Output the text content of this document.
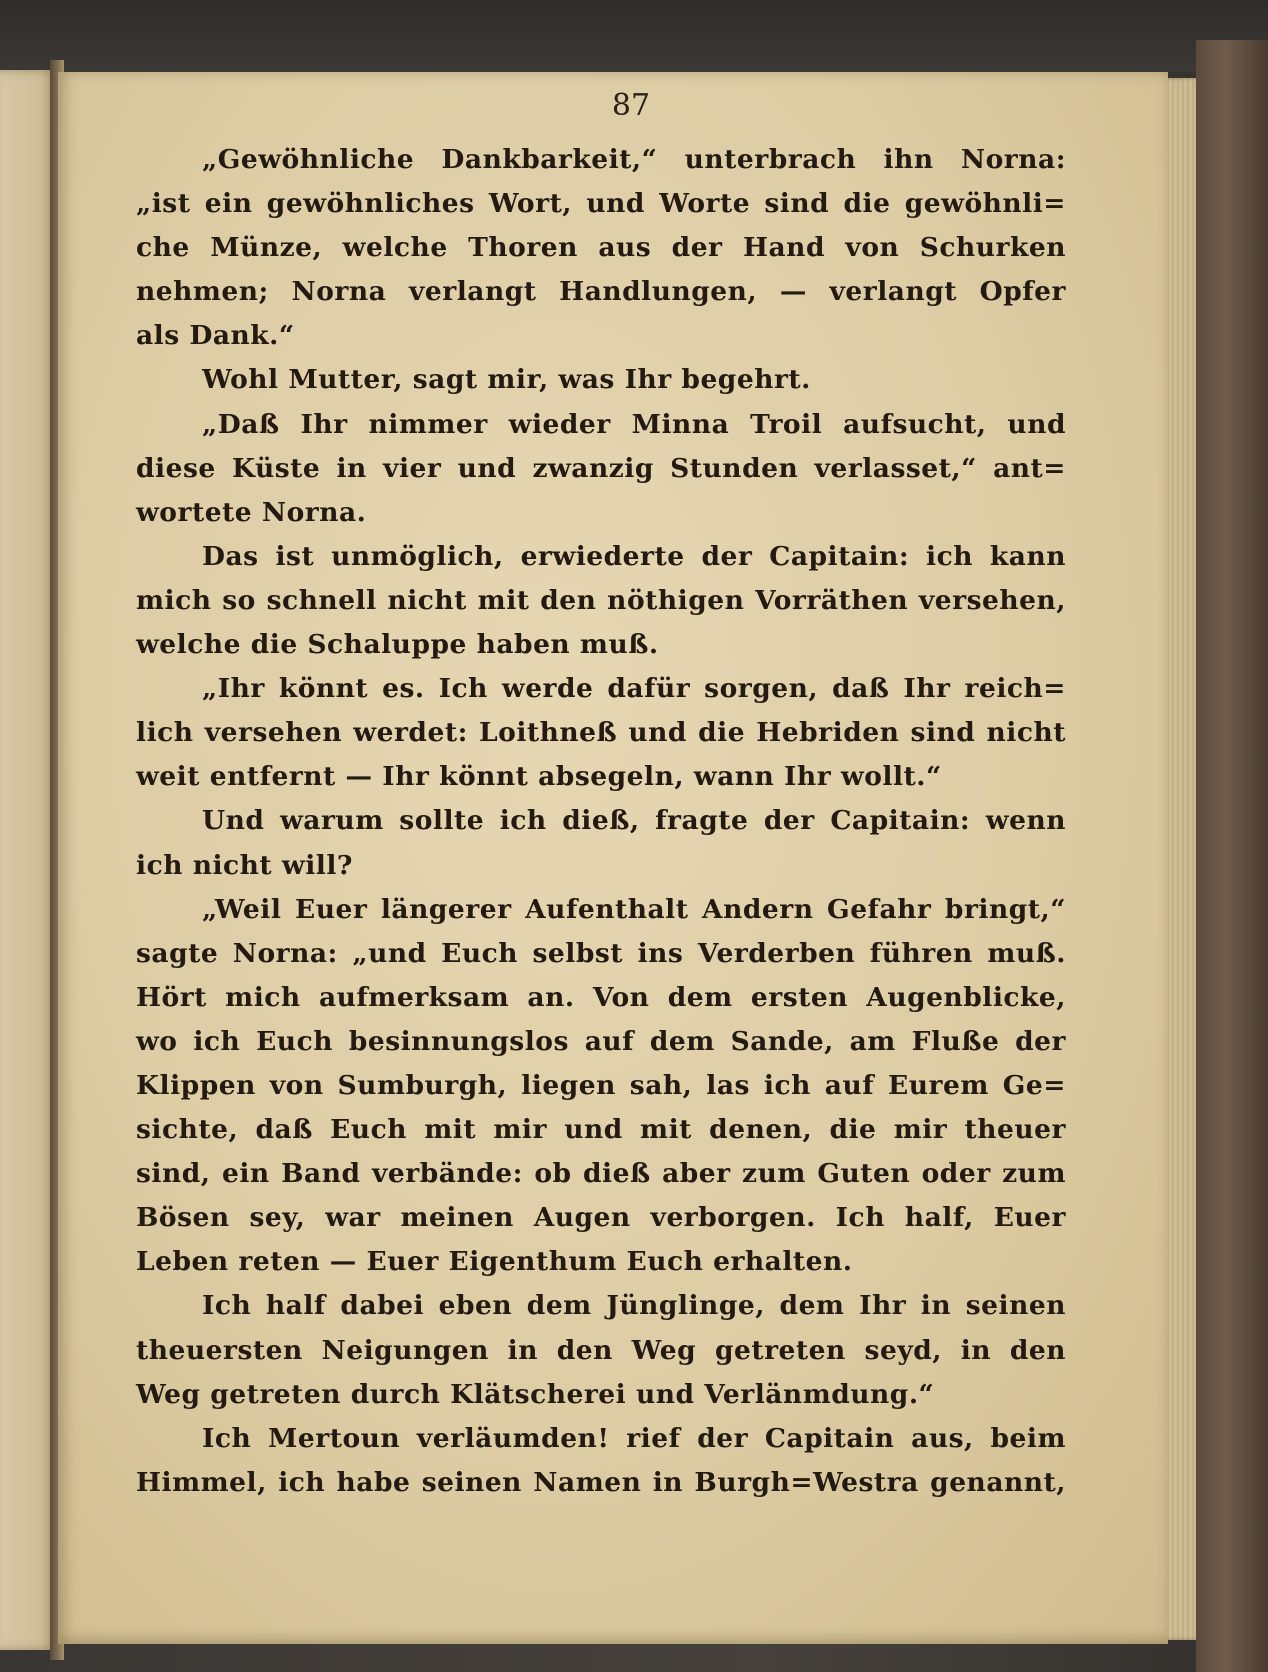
87
„Gewöhnliche Dankbarkeit,“ unterbrach ihn Norna:
„ist ein gewöhnliches Wort, und Worte sind die gewöhnli=
che Münze, welche Thoren aus der Hand von Schurken
nehmen; Norna verlangt Handlungen, — verlangt Opfer
als Dank.“
Wohl Mutter, sagt mir, was Ihr begehrt.
„Daß Ihr nimmer wieder Minna Troil aufsucht, und
diese Küste in vier und zwanzig Stunden verlasset,“ ant=
wortete Norna.
Das ist unmöglich, erwiederte der Capitain: ich kann
mich so schnell nicht mit den nöthigen Vorräthen versehen,
welche die Schaluppe haben muß.
„Ihr könnt es. Ich werde dafür sorgen, daß Ihr reich=
lich versehen werdet: Loithneß und die Hebriden sind nicht
weit entfernt — Ihr könnt absegeln, wann Ihr wollt.“
Und warum sollte ich dieß, fragte der Capitain: wenn
ich nicht will?
„Weil Euer längerer Aufenthalt Andern Gefahr bringt,“
sagte Norna: „und Euch selbst ins Verderben führen muß.
Hört mich aufmerksam an. Von dem ersten Augenblicke,
wo ich Euch besinnungslos auf dem Sande, am Fluße der
Klippen von Sumburgh, liegen sah, las ich auf Eurem Ge=
sichte, daß Euch mit mir und mit denen, die mir theuer
sind, ein Band verbände: ob dieß aber zum Guten oder zum
Bösen sey, war meinen Augen verborgen. Ich half, Euer
Leben reten — Euer Eigenthum Euch erhalten.
Ich half dabei eben dem Jünglinge, dem Ihr in seinen
theuersten Neigungen in den Weg getreten seyd, in den
Weg getreten durch Klätscherei und Verlänmdung.“
Ich Mertoun verläumden! rief der Capitain aus, beim
Himmel, ich habe seinen Namen in Burgh=Westra genannt,
